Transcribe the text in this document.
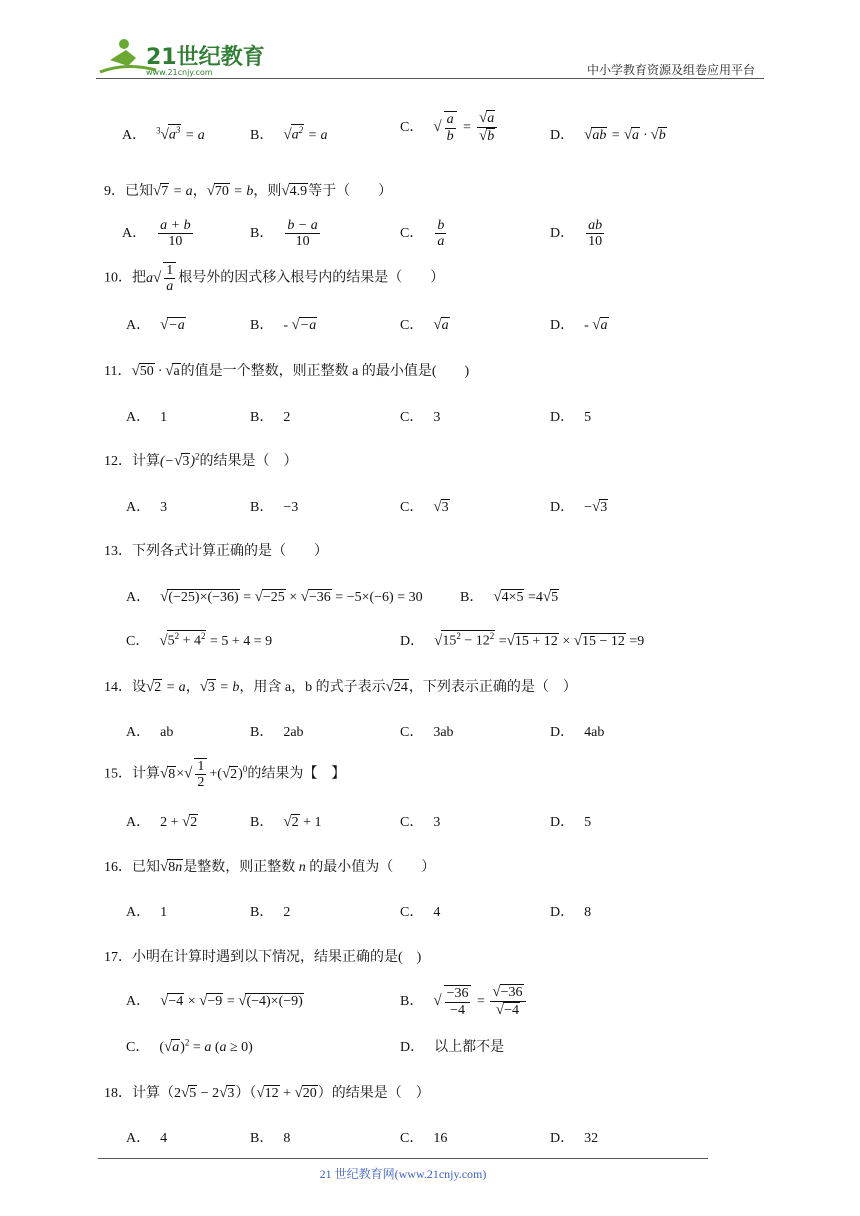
21世纪教育
www.21cnjy.com	中小学教育资源及组卷应用平台
A． $^3√a^3 = a$	B． $√a^2 = a$
C． √ $\frac{a}{b} = \frac{√a}{√b}$	D． √ab = √a · √b
9．已知√7 = a，√70 = b，则√4.9等于（　　）
A． $\frac{a + b}{10}$	B． $\frac{b - a}{10}$	C． $\frac{b}{a}$	D． $\frac{ab}{10}$
10．把$a√ \frac{1}{a}$ 根号外的因式移入根号内的结果是（　　）
A． √−a	B． - √−a	C． √a	D． - √a
11．√50 · √a的值是一个整数，则正整数 a 的最小值是(　　)
A． 1	B． 2	C． 3	D． 5
12．计算$(-√3)^2$的结果是（　）
A． 3	B． −3	C． √3	D． −√3
13．下列各式计算正确的是（　　）
A． √(−25)×(−36) = √−25 × √−36 = −5×(−6) = 30	B． √4×5 =4√5
C． $√5^2 + 4^2 = 5 + 4 = 9$	D． $√15^2 - 12^2 =√15 + 12 \times √15 - 12 =9$
14．设√2 = a，√3 = b，用含 a，b 的式子表示√24，下列表示正确的是（　）
A． ab	B． 2ab	C． 3ab	D． 4ab
15．计算$√8\times√ \frac{1}{2} +(√2)^0$的结果为【　】
A． 2 + √2	B． √2 + 1	C． 3	D． 5
16．已知√8n是整数，则正整数 n 的最小值为（　　）
A． 1	B． 2	C． 4	D． 8
17．小明在计算时遇到以下情况，结果正确的是(　)
A． √−4 × √−9 = √(−4)×(−9)	B． √ $\frac{-36}{-4} = \frac{√-36}{√-4}$
C． $(√a)^2 = a$ (a ≥ 0)	D． 以上都不是
18．计算（2√5 − 2√3）（√12 + √20）的结果是（　）
A． 4	B． 8	C． 16	D． 32
21 世纪教育网(www.21cnjy.com)
